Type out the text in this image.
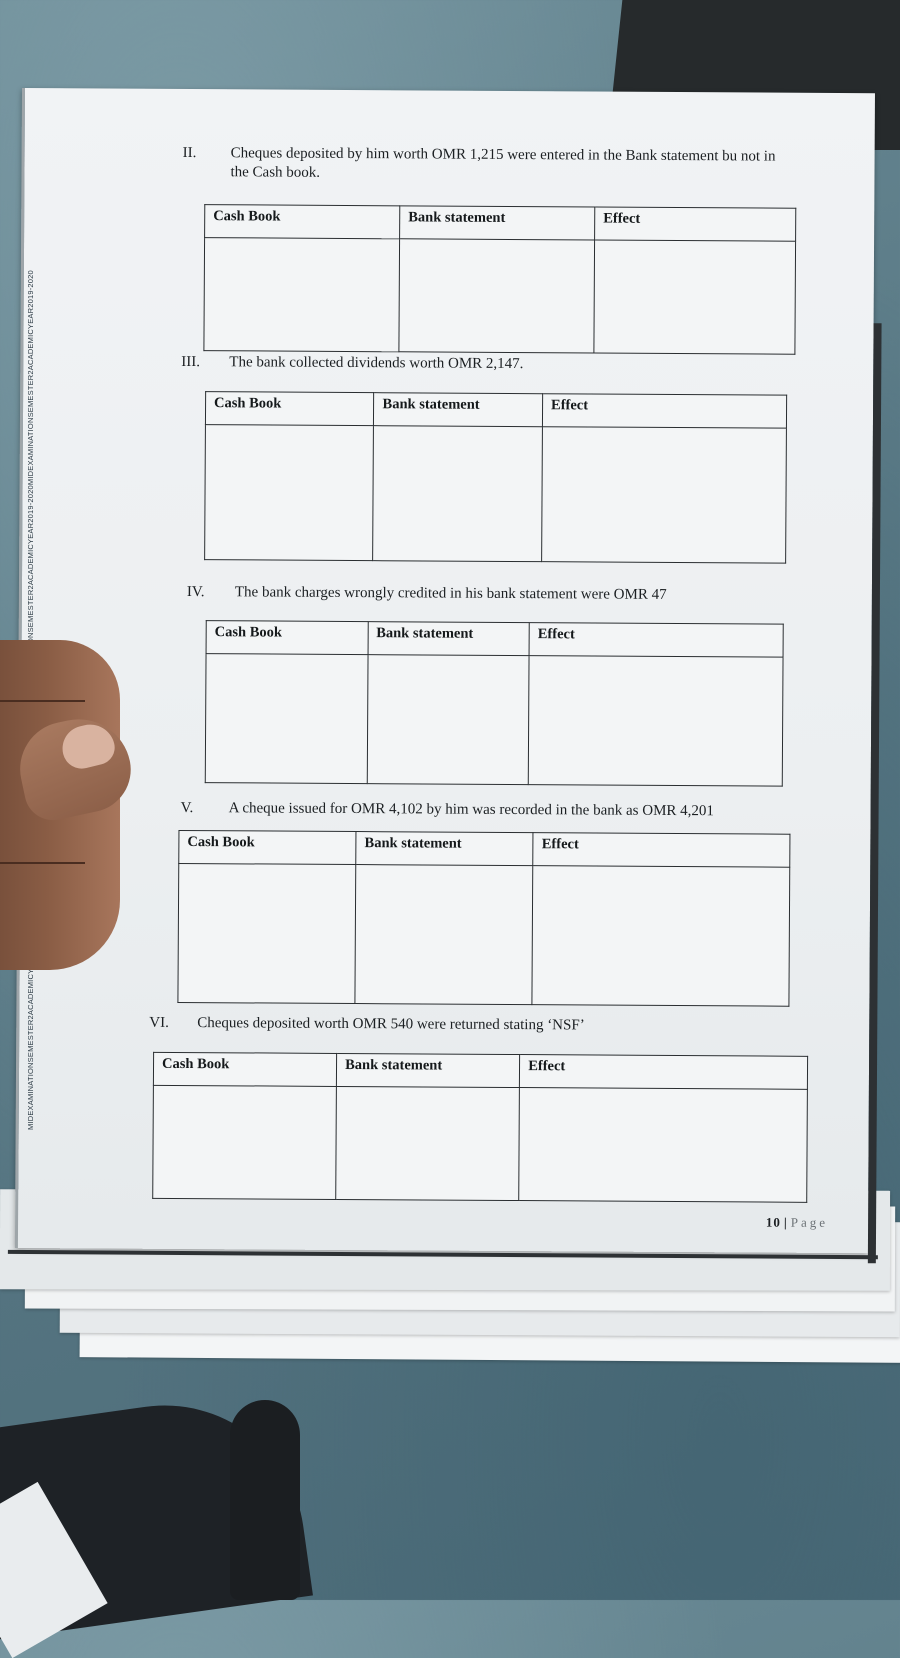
II.	Cheques deposited by him worth OMR 1,215 were entered in the Bank statement bu not in the Cash book.
Cash Book	Bank statement	Effect

III.	The bank collected dividends worth OMR 2,147.
Cash Book	Bank statement	Effect

IV.	The bank charges wrongly credited in his bank statement were OMR 47
Cash Book	Bank statement	Effect

V.	A cheque issued for OMR 4,102 by him was recorded in the bank as OMR 4,201
Cash Book	Bank statement	Effect

VI.	Cheques deposited worth OMR 540 were returned stating ‘NSF’
Cash Book	Bank statement	Effect

10 | Page
